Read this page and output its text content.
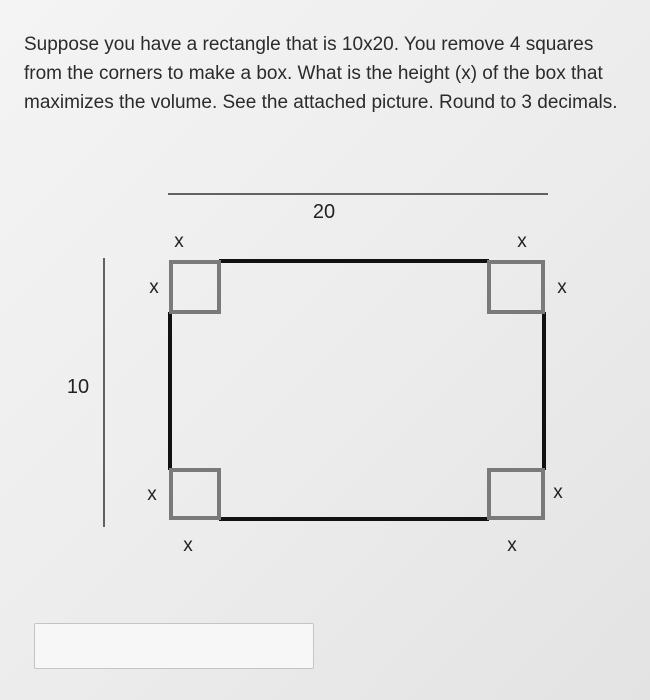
Suppose you have a rectangle that is 10x20. You remove 4 squares from the corners to make a box. What is the height (x) of the box that maximizes the volume. See the attached picture. Round to 3 decimals.

20
10
x	x
x	x
x	x
x	x
